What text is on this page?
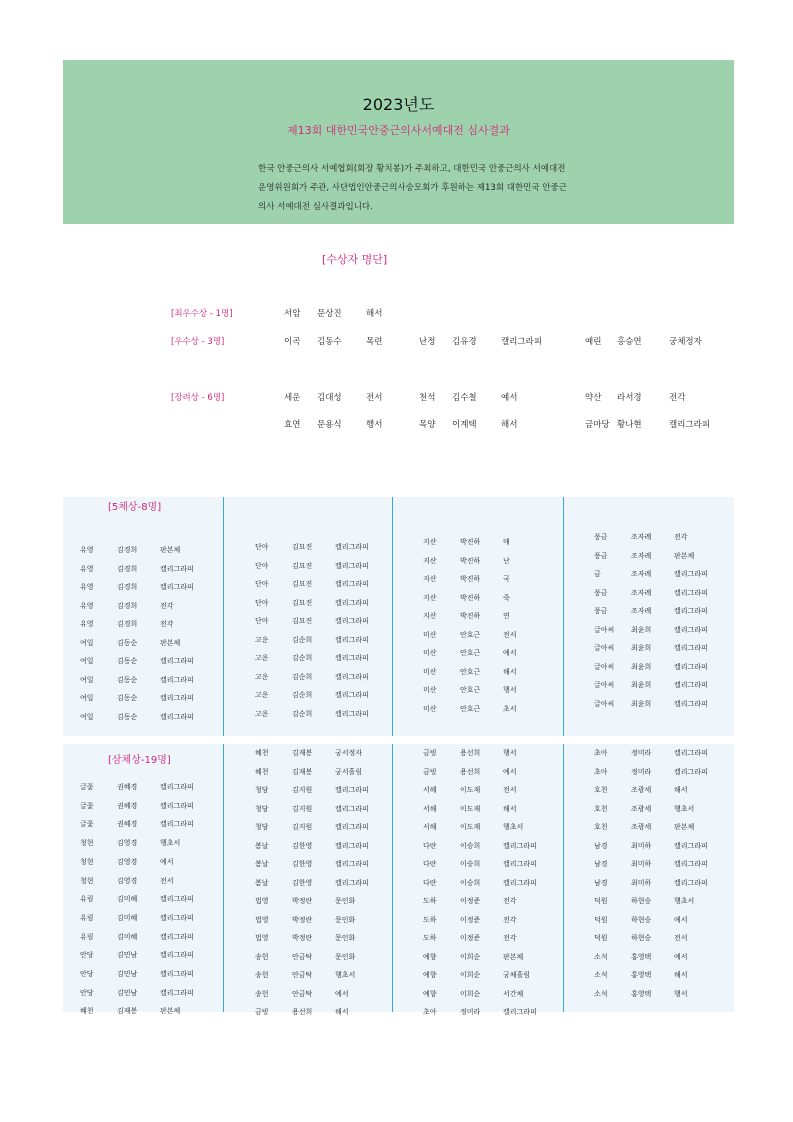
2023년도
제13회 대한민국안중근의사서예대전 심사결과
한국 안중근의사 서예협회(회장 황치봉)가 주최하고, 대한민국 안중근의사 서예대전
운영위원회가 주관, 사단법인안중근의사숭모회가 후원하는 제13회 대한민국 안중근
의사 서예대전 심사결과입니다.
[수상자 명단]
[최우수상 - 1명]	서암 문상진	해서
[우수상 - 3명]	이곡 김동수	목련	난정 김유경	캘리그라피	예린 홍승연	궁체정자
[장려상 - 6명]	세운 김대성	전서	천석 김수철	예서	약산 라서경	전각
효연 문용식	행서	목양 이계택	해서	금마당 황나현	캘리그라피
[5체상-8명]
[삼체상-19명]
유영	김경희	판본체
유영	김경희	캘리그라피
유영	김경희	캘리그라피
유영	김경희	전각
유영	김경희	전각
여일	김동순	판본체
여일	김동순	캘리그라피
여일	김동순	캘리그라피
여일	김동순	캘리그라피
여일	김동순	캘리그라피
단아	김묘진	캘리그라피
단아	김묘진	캘리그라피
단아	김묘진	캘리그라피
단아	김묘진	캘리그라피
단아	김묘진	캘리그라피
고운	김순희	캘리그라피
고운	김순희	캘리그라피
고운	김순희	캘리그라피
고운	김순희	캘리그라피
고운	김순희	캘리그라피
지산	박진하	매
지산	박진하	난
지산	박진하	국
지산	박진하	죽
지산	박진하	연
미산	안호근	전서
미산	안호근	예서
미산	안호근	해서
미산	안호근	행서
미산	안호근	초서
풍금	조자례	전각
풍금	조자례	판본체
금	조자례	캘리그라피
풍금	조자례	캘리그라피
풍금	조자례	캘리그라피
글아씨 최윤희	캘리그라피
글아씨 최윤희	캘리그라피
글아씨 최윤희	캘리그라피
글아씨 최윤희	캘리그라피
글아씨 최윤희	캘리그라피
글꽃	권혜경	캘리그라피
글꽃	권혜경	캘리그라피
글꽃	권혜경	캘리그라피
청현	김영경	행초서
청현	김영경	예서
청현	김영경	전서
유림	김미혜	캘리그라피
유림	김미혜	캘리그라피
유림	김미혜	캘리그라피
안당	김민남	캘리그라피
안당	김민남	캘리그라피
안당	김민남	캘리그라피
혜천	김재봉	판본체
혜천	김재봉	궁서정자
혜천	김재봉	궁서흘림
청담	김지원	캘리그라피
청담	김지원	캘리그라피
청담	김지원	캘리그라피
봄날	김한영	캘리그라피
봄날	김한영	캘리그라피
봄날	김한영	캘리그라피
법영	박정란	문인화
법영	박정란	문인화
법영	박정란	문인화
송헌	안금탁	문인화
송헌	안금탁	행초서
송헌	안금탁	예서
금빙	용선희	해서
금빙	용선희	행서
금빙	용선희	예서
서해	이도재	전서
서해	이도재	해서
서해	이도재	행초서
다란	이승희	캘리그라피
다란	이승희	캘리그라피
다란	이승희	캘리그라피
도하	이정준	전각
도하	이정준	전각
도하	이정준	전각
예향	이희순	판본체
예향	이희순	궁체흘림
예향	이희순	서간체
초아	정미라	캘리그라피
초아	정미라	캘리그라피
초아	정미라	캘리그라피
호천	조광세	해서
호천	조광세	행초서
호천	조광세	판본체
남경	최미하	캘리그라피
남경	최미하	캘리그라피
남경	최미하	캘리그라피
덕원	하현승	행초서
덕원	하현승	예서
덕원	하현승	전서
소석	홍영택	예서
소석	홍영택	해서
소석	홍영택	행서
